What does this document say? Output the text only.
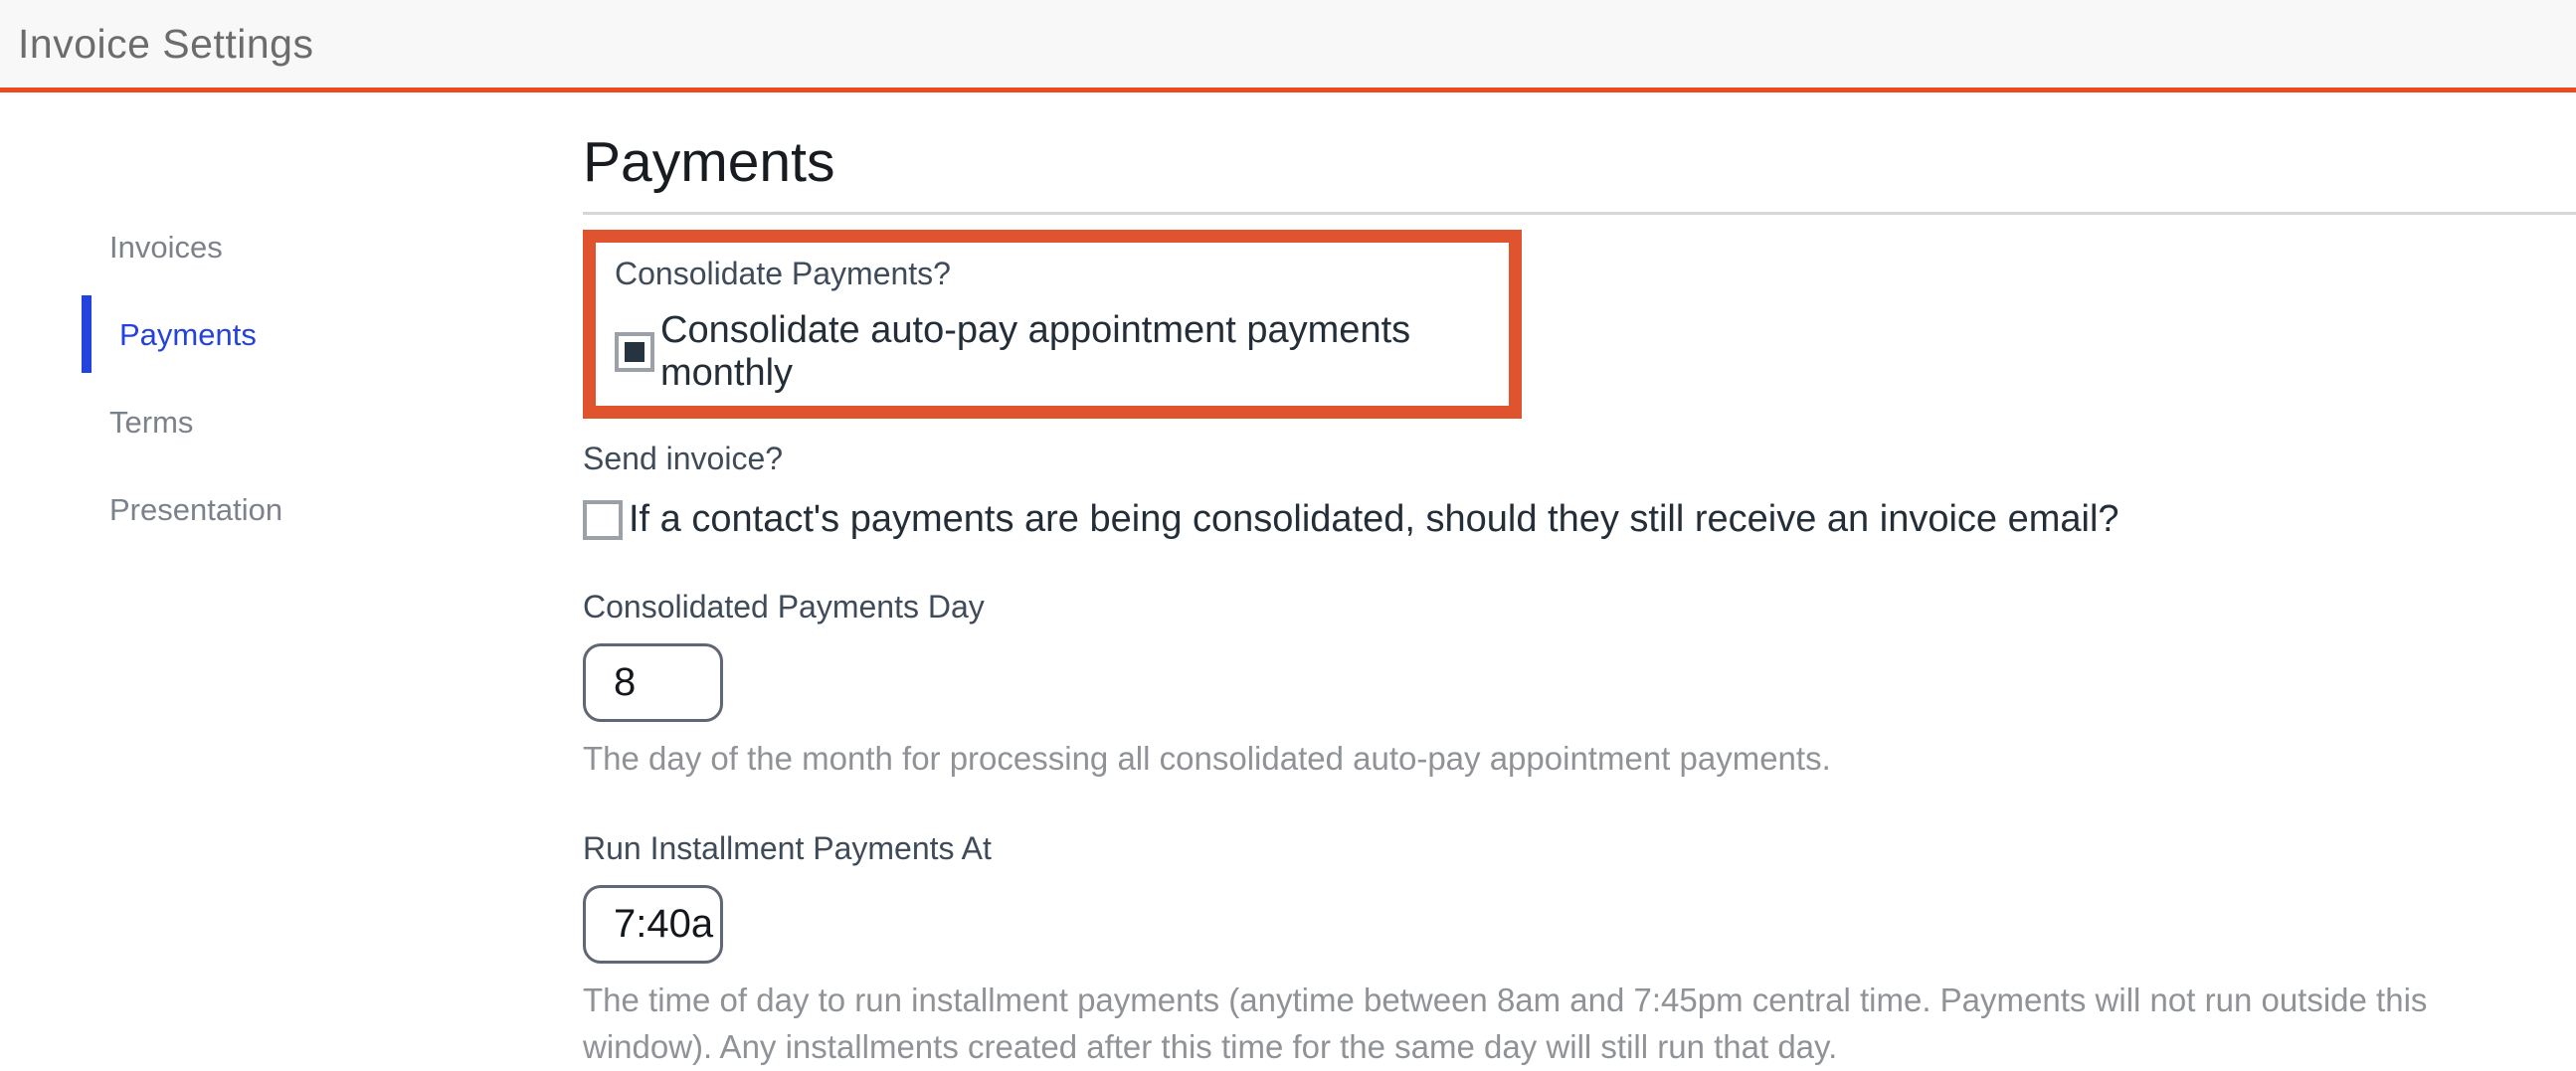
Invoice Settings
Invoices
Payments
Terms
Presentation
Payments
Consolidate Payments?
Consolidate auto-pay appointment payments monthly
Send invoice?
If a contact's payments are being consolidated, should they still receive an invoice email?
Consolidated Payments Day
8
The day of the month for processing all consolidated auto-pay appointment payments.
Run Installment Payments At
7:40a
The time of day to run installment payments (anytime between 8am and 7:45pm central time. Payments will not run outside this window). Any installments created after this time for the same day will still run that day.
